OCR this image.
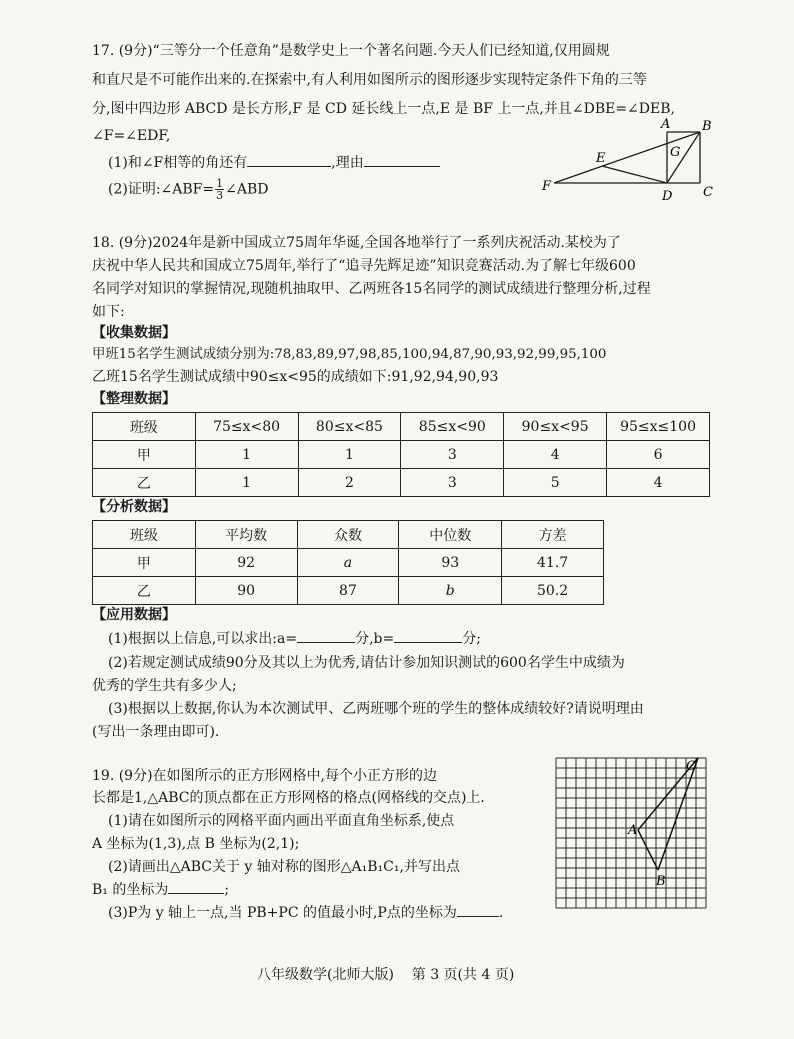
17. (9分)“三等分一个任意角”是数学史上一个著名问题.今天人们已经知道,仅用圆规
和直尺是不可能作出来的.在探索中,有人利用如图所示的图形逐步实现特定条件下角的三等
分,图中四边形 ABCD 是长方形,F 是 CD 延长线上一点,E 是 BF 上一点,并且∠DBE=∠DEB,
∠F=∠EDF,
(1)和∠F相等的角还有	,理由
(2)证明:∠ABF= $\frac{1}{3}$ ∠ABD
A B
G
E
F
D C
18. (9分)2024年是新中国成立75周年华诞,全国各地举行了一系列庆祝活动.某校为了
庆祝中华人民共和国成立75周年,举行了“追寻先辉足迹”知识竞赛活动.为了解七年级600
名同学对知识的掌握情况,现随机抽取甲、乙两班各15名同学的测试成绩进行整理分析,过程
如下:
【收集数据】
甲班15名学生测试成绩分别为:78,83,89,97,98,85,100,94,87,90,93,92,99,95,100
乙班15名学生测试成绩中90≤x<95的成绩如下:91,92,94,90,93
【整理数据】
班级	75≤x<80	80≤x<85	85≤x<90	90≤x<95	95≤x≤100
甲	1	1	3	4	6
乙	1	2	3	5	4
【分析数据】
班级	平均数	众数	中位数	方差
甲	92	a	93	41.7
乙	90	87	b	50.2
【应用数据】
(1)根据以上信息,可以求出:a=	分,b=	分;
(2)若规定测试成绩90分及其以上为优秀,请估计参加知识测试的600名学生中成绩为
优秀的学生共有多少人;
(3)根据以上数据,你认为本次测试甲、乙两班哪个班的学生的整体成绩较好?请说明理由
(写出一条理由即可).
19. (9分)在如图所示的正方形网格中,每个小正方形的边
长都是1,△ABC的顶点都在正方形网格的格点(网格线的交点)上.
(1)请在如图所示的网格平面内画出平面直角坐标系,使点
A 坐标为(1,3),点 B 坐标为(2,1);
(2)请画出△ABC关于 y 轴对称的图形△A₁B₁C₁,并写出点
B₁ 的坐标为	;
(3)P为 y 轴上一点,当 PB+PC 的值最小时,P点的坐标为	.
A
B
C
八年级数学(北师大版) 第 3 页(共 4 页)
